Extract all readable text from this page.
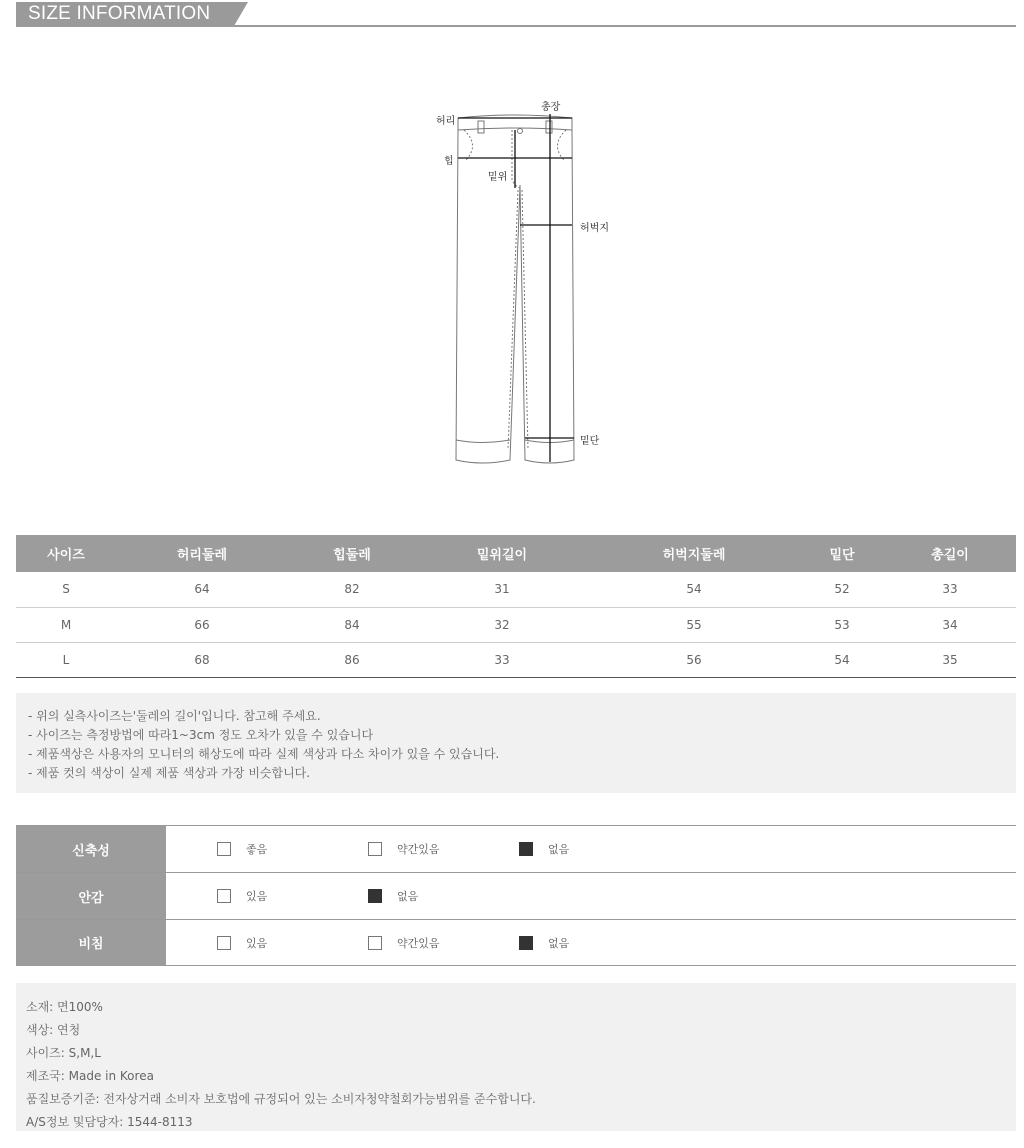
SIZE INFORMATION
허리
총장
힙
밑위
허벅지
밑단
사이즈	허리둘레	힙둘레	밑위길이	허벅지둘레	밑단	총길이
S	64	82	31	54	52	33
M	66	84	32	55	53	34
L	68	86	33	56	54	35
- 위의 실측사이즈는'둘레의 길이'입니다. 참고해 주세요.
- 사이즈는 측정방법에 따라1~3cm 정도 오차가 있을 수 있습니다
- 제품색상은 사용자의 모니터의 해상도에 따라 실제 색상과 다소 차이가 있을 수 있습니다.
- 제품 컷의 색상이 실제 제품 색상과 가장 비슷합니다.
신축성	좋음	약간있음	없음
안감	있음	없음
비침	있음	약간있음	없음
소재: 면100%
색상: 연청
사이즈: S,M,L
제조국: Made in Korea
품질보증기준: 전자상거래 소비자 보호법에 규정되어 있는 소비자청약철회가능범위를 준수합니다.
A/S정보 및담당자: 1544-8113
